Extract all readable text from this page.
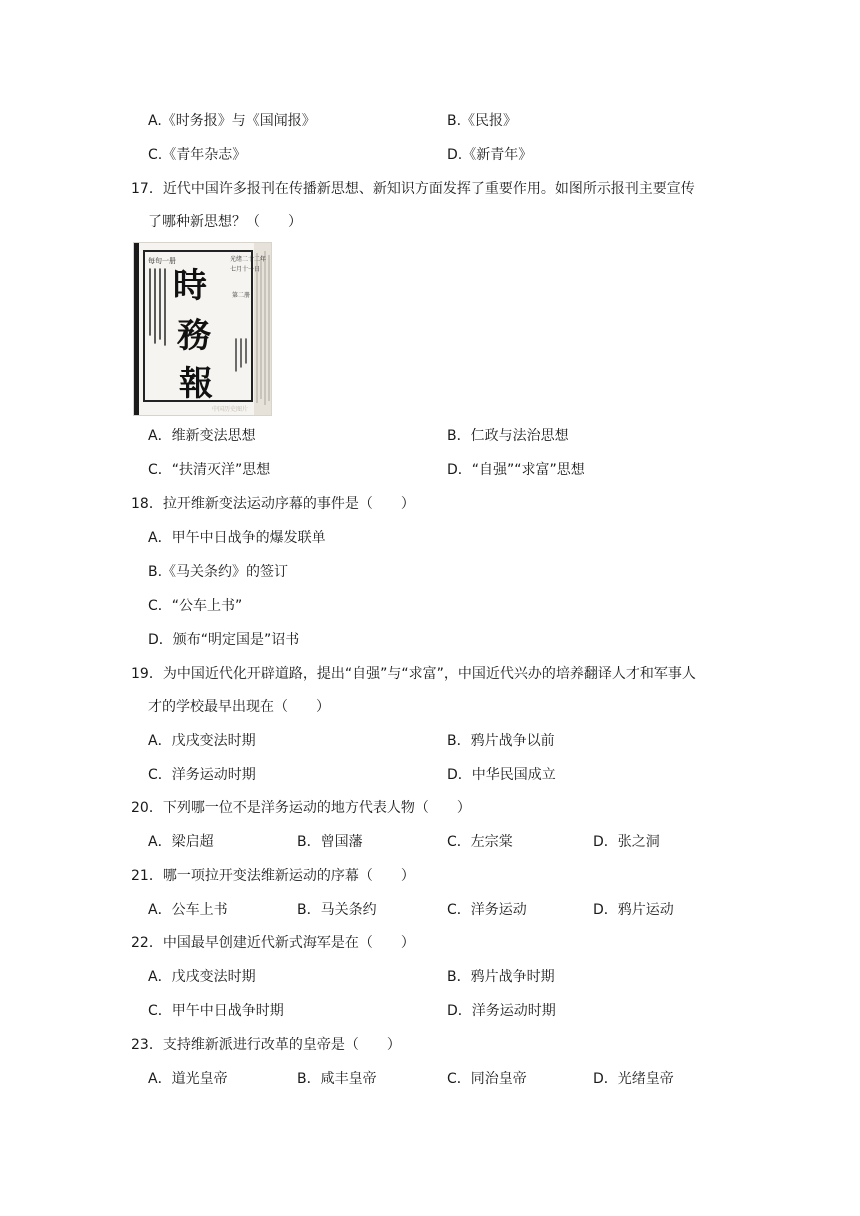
A.《时务报》与《国闻报》	B.《民报》
C.《青年杂志》	D.《新青年》
17．近代中国许多报刊在传播新思想、新知识方面发挥了重要作用。如图所示报刊主要宣传
了哪种新思想？（　　）
每旬一册
時
務
報
光绪二十二年
七月十一日
第二册
中国历史图片
A．维新变法思想	B．仁政与法治思想
C．“扶清灭洋”思想	D．“自强”“求富”思想
18．拉开维新变法运动序幕的事件是（　　）
A．甲午中日战争的爆发联单
B.《马关条约》的签订
C．“公车上书”
D．颁布“明定国是”诏书
19．为中国近代化开辟道路，提出“自强”与“求富”，中国近代兴办的培养翻译人才和军事人
才的学校最早出现在（　　）
A．戊戌变法时期	B．鸦片战争以前
C．洋务运动时期	D．中华民国成立
20．下列哪一位不是洋务运动的地方代表人物（　　）
A．梁启超	B．曾国藩	C．左宗棠	D．张之洞
21．哪一项拉开变法维新运动的序幕（　　）
A．公车上书	B．马关条约	C．洋务运动	D．鸦片运动
22．中国最早创建近代新式海军是在（　　）
A．戊戌变法时期	B．鸦片战争时期
C．甲午中日战争时期	D．洋务运动时期
23．支持维新派进行改革的皇帝是（　　）
A．道光皇帝	B．咸丰皇帝	C．同治皇帝	D．光绪皇帝
